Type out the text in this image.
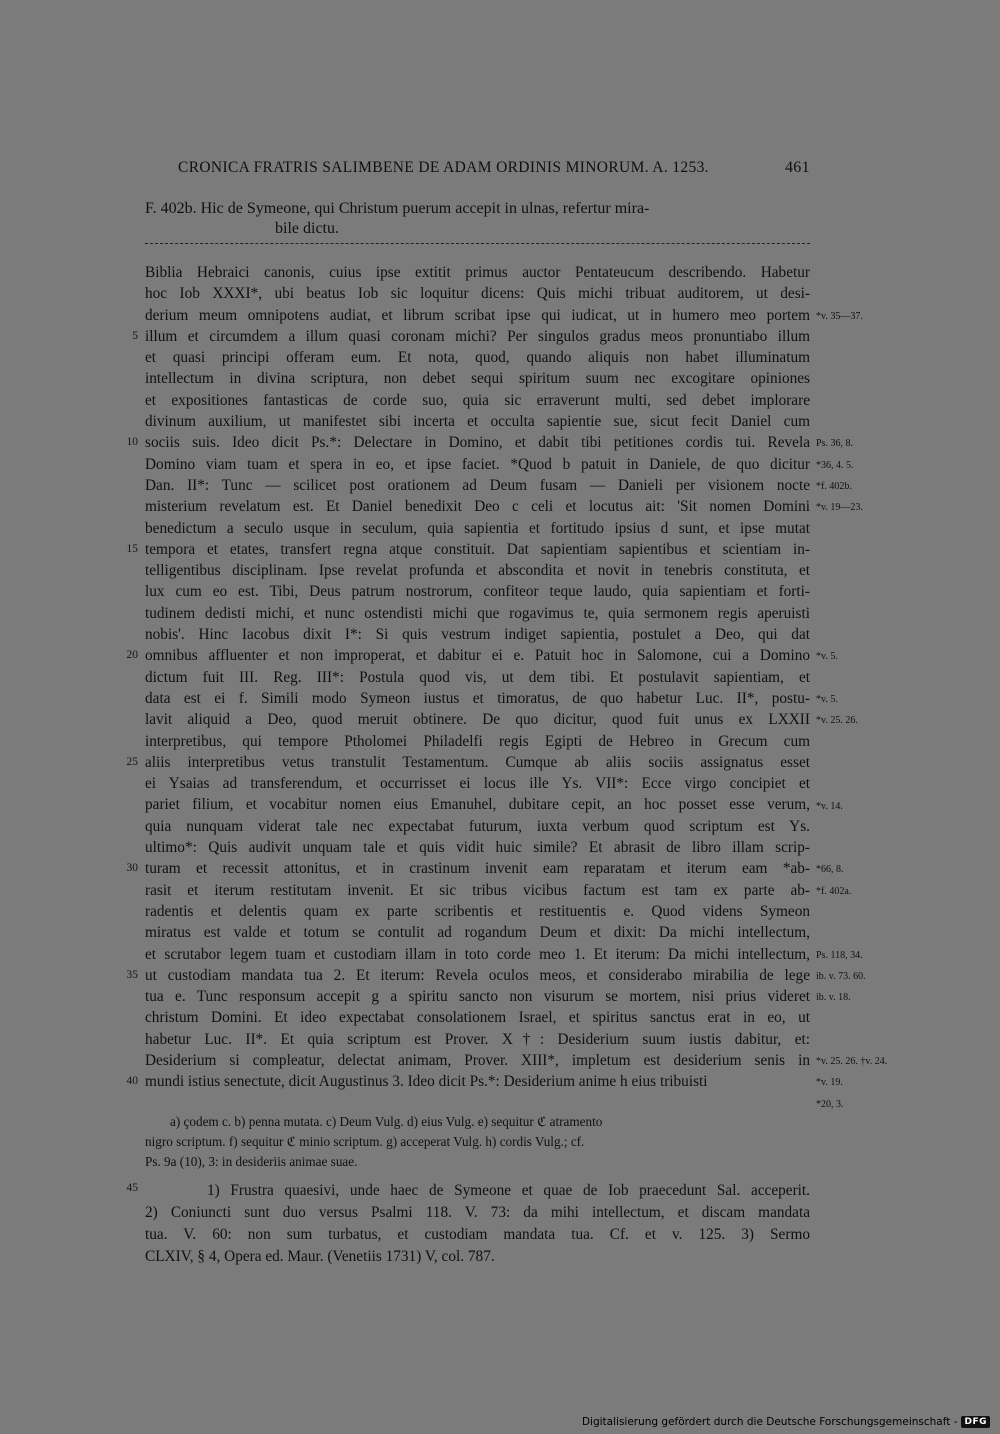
CRONICA FRATRIS SALIMBENE DE ADAM ORDINIS MINORUM. A. 1253.	461
F. 402b. Hic de Symeone, qui Christum puerum accepit in ulnas, refertur mira-
bile dictu.
Biblia Hebraici canonis, cuius ipse extitit primus auctor Pentateucum describendo. Habetur
hoc Iob XXXI*, ubi beatus Iob sic loquitur dicens: Quis michi tribuat auditorem, ut desi-
derium meum omnipotens audiat, et librum scribat ipse qui iudicat, ut in humero meo portem
illum et circumdem a illum quasi coronam michi? Per singulos gradus meos pronuntiabo illum
et quasi principi offeram eum. Et nota, quod, quando aliquis non habet illuminatum
intellectum in divina scriptura, non debet sequi spiritum suum nec excogitare opiniones
et expositiones fantasticas de corde suo, quia sic erraverunt multi, sed debet implorare
divinum auxilium, ut manifestet sibi incerta et occulta sapientie sue, sicut fecit Daniel cum
sociis suis. Ideo dicit Ps.*: Delectare in Domino, et dabit tibi petitiones cordis tui. Revela
Domino viam tuam et spera in eo, et ipse faciet. *Quod b patuit in Daniele, de quo dicitur
Dan. II*: Tunc — scilicet post orationem ad Deum fusam — Danieli per visionem nocte
misterium revelatum est. Et Daniel benedixit Deo c celi et locutus ait: 'Sit nomen Domini
benedictum a seculo usque in seculum, quia sapientia et fortitudo ipsius d sunt, et ipse mutat
tempora et etates, transfert regna atque constituit. Dat sapientiam sapientibus et scientiam in-
telligentibus disciplinam. Ipse revelat profunda et abscondita et novit in tenebris constituta, et
lux cum eo est. Tibi, Deus patrum nostrorum, confiteor teque laudo, quia sapientiam et forti-
tudinem dedisti michi, et nunc ostendisti michi que rogavimus te, quia sermonem regis aperuisti
nobis'. Hinc Iacobus dixit I*: Si quis vestrum indiget sapientia, postulet a Deo, qui dat
omnibus affluenter et non improperat, et dabitur ei e. Patuit hoc in Salomone, cui a Domino
dictum fuit III. Reg. III*: Postula quod vis, ut dem tibi. Et postulavit sapientiam, et
data est ei f. Simili modo Symeon iustus et timoratus, de quo habetur Luc. II*, postu-
lavit aliquid a Deo, quod meruit obtinere. De quo dicitur, quod fuit unus ex LXXII
interpretibus, qui tempore Ptholomei Philadelfi regis Egipti de Hebreo in Grecum cum
aliis interpretibus vetus transtulit Testamentum. Cumque ab aliis sociis assignatus esset
ei Ysaias ad transferendum, et occurrisset ei locus ille Ys. VII*: Ecce virgo concipiet et
pariet filium, et vocabitur nomen eius Emanuhel, dubitare cepit, an hoc posset esse verum,
quia nunquam viderat tale nec expectabat futurum, iuxta verbum quod scriptum est Ys.
ultimo*: Quis audivit unquam tale et quis vidit huic simile? Et abrasit de libro illam scrip-
turam et recessit attonitus, et in crastinum invenit eam reparatam et iterum eam *ab-
rasit et iterum restitutam invenit. Et sic tribus vicibus factum est tam ex parte ab-
radentis et delentis quam ex parte scribentis et restituentis e. Quod videns Symeon
miratus est valde et totum se contulit ad rogandum Deum et dixit: Da michi intellectum,
et scrutabor legem tuam et custodiam illam in toto corde meo 1. Et iterum: Da michi intellectum,
ut custodiam mandata tua 2. Et iterum: Revela oculos meos, et considerabo mirabilia de lege
tua e. Tunc responsum accepit g a spiritu sancto non visurum se mortem, nisi prius videret
christum Domini. Et ideo expectabat consolationem Israel, et spiritus sanctus erat in eo, ut
habetur Luc. II*. Et quia scriptum est Prover. X†: Desiderium suum iustis dabitur, et:
Desiderium si compleatur, delectat animam, Prover. XIII*, impletum est desiderium senis in
mundi istius senectute, dicit Augustinus 3. Ideo dicit Ps.*: Desiderium anime h eius tribuisti
5
10
15
20
25
30
35
40
*v. 35—37.
Ps. 36, 8.
*36, 4. 5.
*f. 402b.
*v. 19—23.
*v. 5.
*v. 5.
*v. 25. 26.
*v. 14.
*66, 8.
*f. 402a.
Ps. 118, 34.
ib. v. 73. 60.
ib. v. 18.
*v. 25. 26. †v. 24.
*v. 19.
*20, 3.
a) çodem c. b) penna mutata. c) Deum Vulg. d) eius Vulg. e) sequitur ℭ atramento
nigro scriptum. f) sequitur ℭ minio scriptum. g) acceperat Vulg. h) cordis Vulg.; cf.
Ps. 9a (10), 3: in desideriis animae suae.
45	1) Frustra quaesivi, unde haec de Symeone et quae de Iob praecedunt Sal. acceperit.
2) Coniuncti sunt duo versus Psalmi 118. V. 73: da mihi intellectum, et discam mandata
tua. V. 60: non sum turbatus, et custodiam mandata tua. Cf. et v. 125. 3) Sermo
CLXIV, § 4, Opera ed. Maur. (Venetiis 1731) V, col. 787.
Digitalisierung gefördert durch die Deutsche Forschungsgemeinschaft - DFG
